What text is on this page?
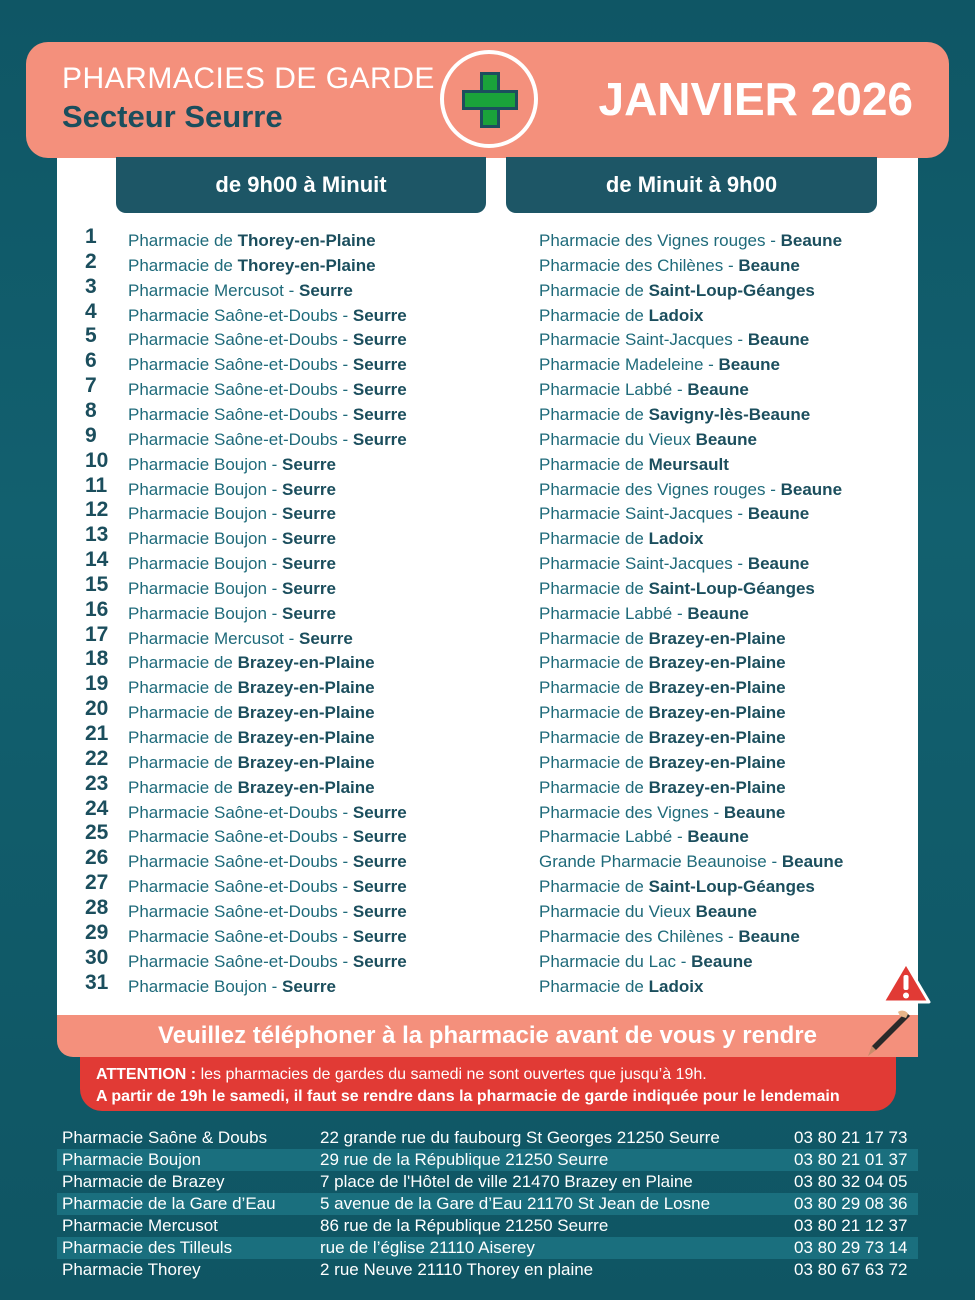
PHARMACIES DE GARDE
Secteur Seurre	JANVIER 2026
de 9h00 à Minuit	de Minuit à 9h00
1	Pharmacie de Thorey-en-Plaine	Pharmacie des Vignes rouges - Beaune
2	Pharmacie de Thorey-en-Plaine	Pharmacie des Chilènes - Beaune
3	Pharmacie Mercusot - Seurre	Pharmacie de Saint-Loup-Géanges
4	Pharmacie Saône-et-Doubs - Seurre	Pharmacie de Ladoix
5	Pharmacie Saône-et-Doubs - Seurre	Pharmacie Saint-Jacques - Beaune
6	Pharmacie Saône-et-Doubs - Seurre	Pharmacie Madeleine - Beaune
7	Pharmacie Saône-et-Doubs - Seurre	Pharmacie Labbé - Beaune
8	Pharmacie Saône-et-Doubs - Seurre	Pharmacie de Savigny-lès-Beaune
9	Pharmacie Saône-et-Doubs - Seurre	Pharmacie du Vieux Beaune
10	Pharmacie Boujon - Seurre	Pharmacie de Meursault
11	Pharmacie Boujon - Seurre	Pharmacie des Vignes rouges - Beaune
12	Pharmacie Boujon - Seurre	Pharmacie Saint-Jacques - Beaune
13	Pharmacie Boujon - Seurre	Pharmacie de Ladoix
14	Pharmacie Boujon - Seurre	Pharmacie Saint-Jacques - Beaune
15	Pharmacie Boujon - Seurre	Pharmacie de Saint-Loup-Géanges
16	Pharmacie Boujon - Seurre	Pharmacie Labbé - Beaune
17	Pharmacie Mercusot - Seurre	Pharmacie de Brazey-en-Plaine
18	Pharmacie de Brazey-en-Plaine	Pharmacie de Brazey-en-Plaine
19	Pharmacie de Brazey-en-Plaine	Pharmacie de Brazey-en-Plaine
20	Pharmacie de Brazey-en-Plaine	Pharmacie de Brazey-en-Plaine
21	Pharmacie de Brazey-en-Plaine	Pharmacie de Brazey-en-Plaine
22	Pharmacie de Brazey-en-Plaine	Pharmacie de Brazey-en-Plaine
23	Pharmacie de Brazey-en-Plaine	Pharmacie de Brazey-en-Plaine
24	Pharmacie Saône-et-Doubs - Seurre	Pharmacie des Vignes - Beaune
25	Pharmacie Saône-et-Doubs - Seurre	Pharmacie Labbé - Beaune
26	Pharmacie Saône-et-Doubs - Seurre	Grande Pharmacie Beaunoise - Beaune
27	Pharmacie Saône-et-Doubs - Seurre	Pharmacie de Saint-Loup-Géanges
28	Pharmacie Saône-et-Doubs - Seurre	Pharmacie du Vieux Beaune
29	Pharmacie Saône-et-Doubs - Seurre	Pharmacie des Chilènes - Beaune
30	Pharmacie Saône-et-Doubs - Seurre	Pharmacie du Lac - Beaune
31	Pharmacie Boujon - Seurre	Pharmacie de Ladoix
Veuillez téléphoner à la pharmacie avant de vous y rendre
ATTENTION : les pharmacies de gardes du samedi ne sont ouvertes que jusqu’à 19h.
A partir de 19h le samedi, il faut se rendre dans la pharmacie de garde indiquée pour le lendemain
Pharmacie Saône & Doubs	22 grande rue du faubourg St Georges 21250 Seurre	03 80 21 17 73
Pharmacie Boujon	29 rue de la République 21250 Seurre	03 80 21 01 37
Pharmacie de Brazey	7 place de l'Hôtel de ville 21470 Brazey en Plaine	03 80 32 04 05
Pharmacie de la Gare d’Eau	5 avenue de la Gare d’Eau 21170 St Jean de Losne	03 80 29 08 36
Pharmacie Mercusot	86 rue de la République 21250 Seurre	03 80 21 12 37
Pharmacie des Tilleuls	rue de l’église 21110 Aiserey	03 80 29 73 14
Pharmacie Thorey	2 rue Neuve 21110 Thorey en plaine	03 80 67 63 72
